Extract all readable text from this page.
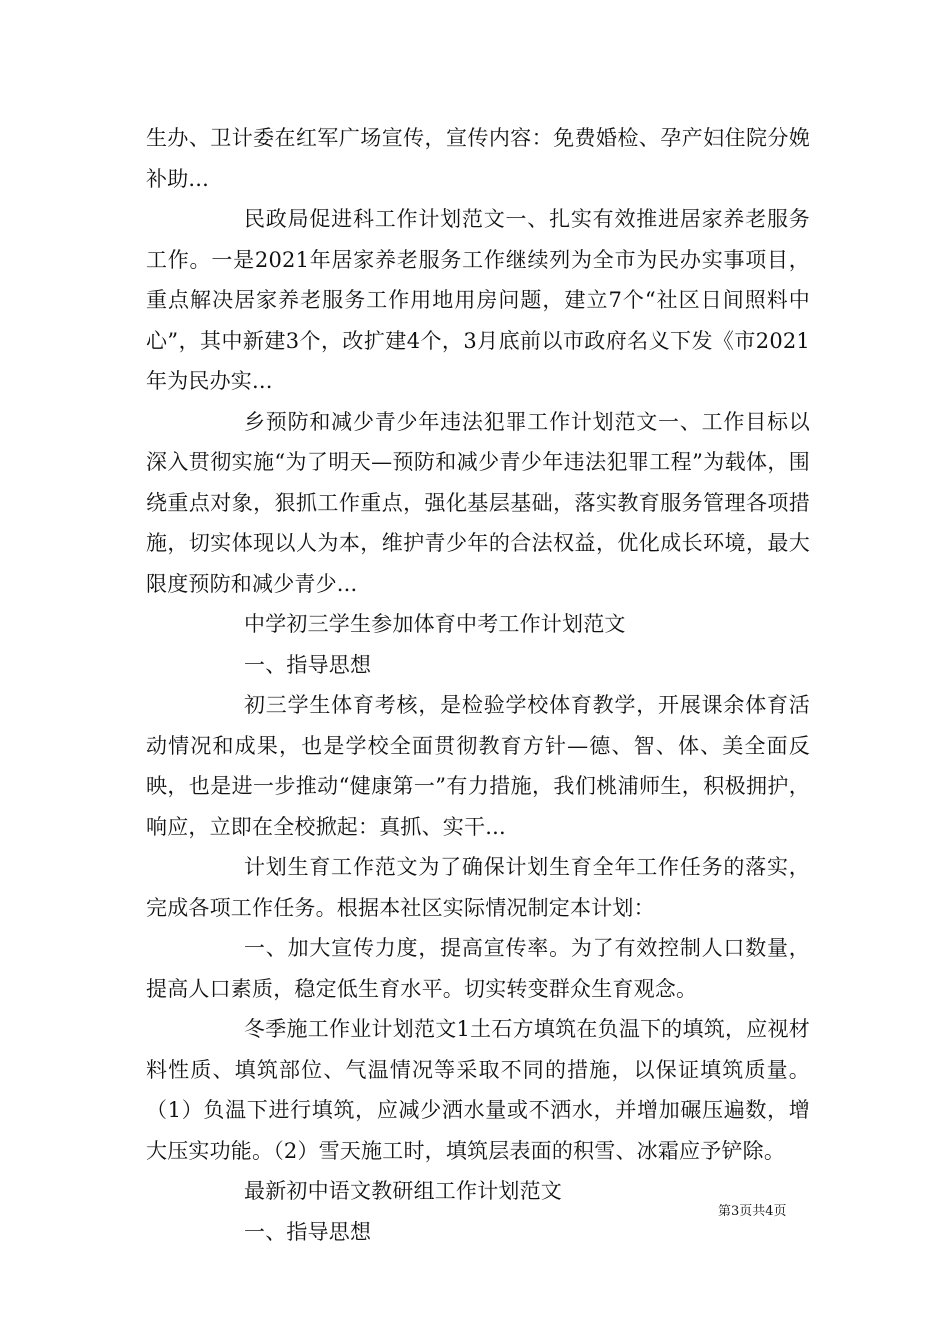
生办、卫计委在红军广场宣传，宣传内容：免费婚检、孕产妇住院分娩补助...

民政局促进科工作计划范文一、扎实有效推进居家养老服务工作。一是2021年居家养老服务工作继续列为全市为民办实事项目，重点解决居家养老服务工作用地用房问题，建立7个“社区日间照料中心”，其中新建3个，改扩建4个，3月底前以市政府名义下发《市2021年为民办实...

乡预防和减少青少年违法犯罪工作计划范文一、工作目标以深入贯彻实施“为了明天—预防和减少青少年违法犯罪工程”为载体，围绕重点对象，狠抓工作重点，强化基层基础，落实教育服务管理各项措施，切实体现以人为本，维护青少年的合法权益，优化成长环境，最大限度预防和减少青少...

中学初三学生参加体育中考工作计划范文

一、指导思想

初三学生体育考核，是检验学校体育教学，开展课余体育活动情况和成果，也是学校全面贯彻教育方针—德、智、体、美全面反映，也是进一步推动“健康第一”有力措施，我们桃浦师生，积极拥护，响应，立即在全校掀起：真抓、实干...

计划生育工作范文为了确保计划生育全年工作任务的落实，完成各项工作任务。根据本社区实际情况制定本计划：

一、加大宣传力度，提高宣传率。为了有效控制人口数量，提高人口素质，稳定低生育水平。切实转变群众生育观念。

冬季施工作业计划范文1土石方填筑在负温下的填筑，应视材料性质、填筑部位、气温情况等采取不同的措施，以保证填筑质量。（1）负温下进行填筑，应减少洒水量或不洒水，并增加碾压遍数，增大压实功能。（2）雪天施工时，填筑层表面的积雪、冰霜应予铲除。

最新初中语文教研组工作计划范文

一、指导思想

第3页共4页
